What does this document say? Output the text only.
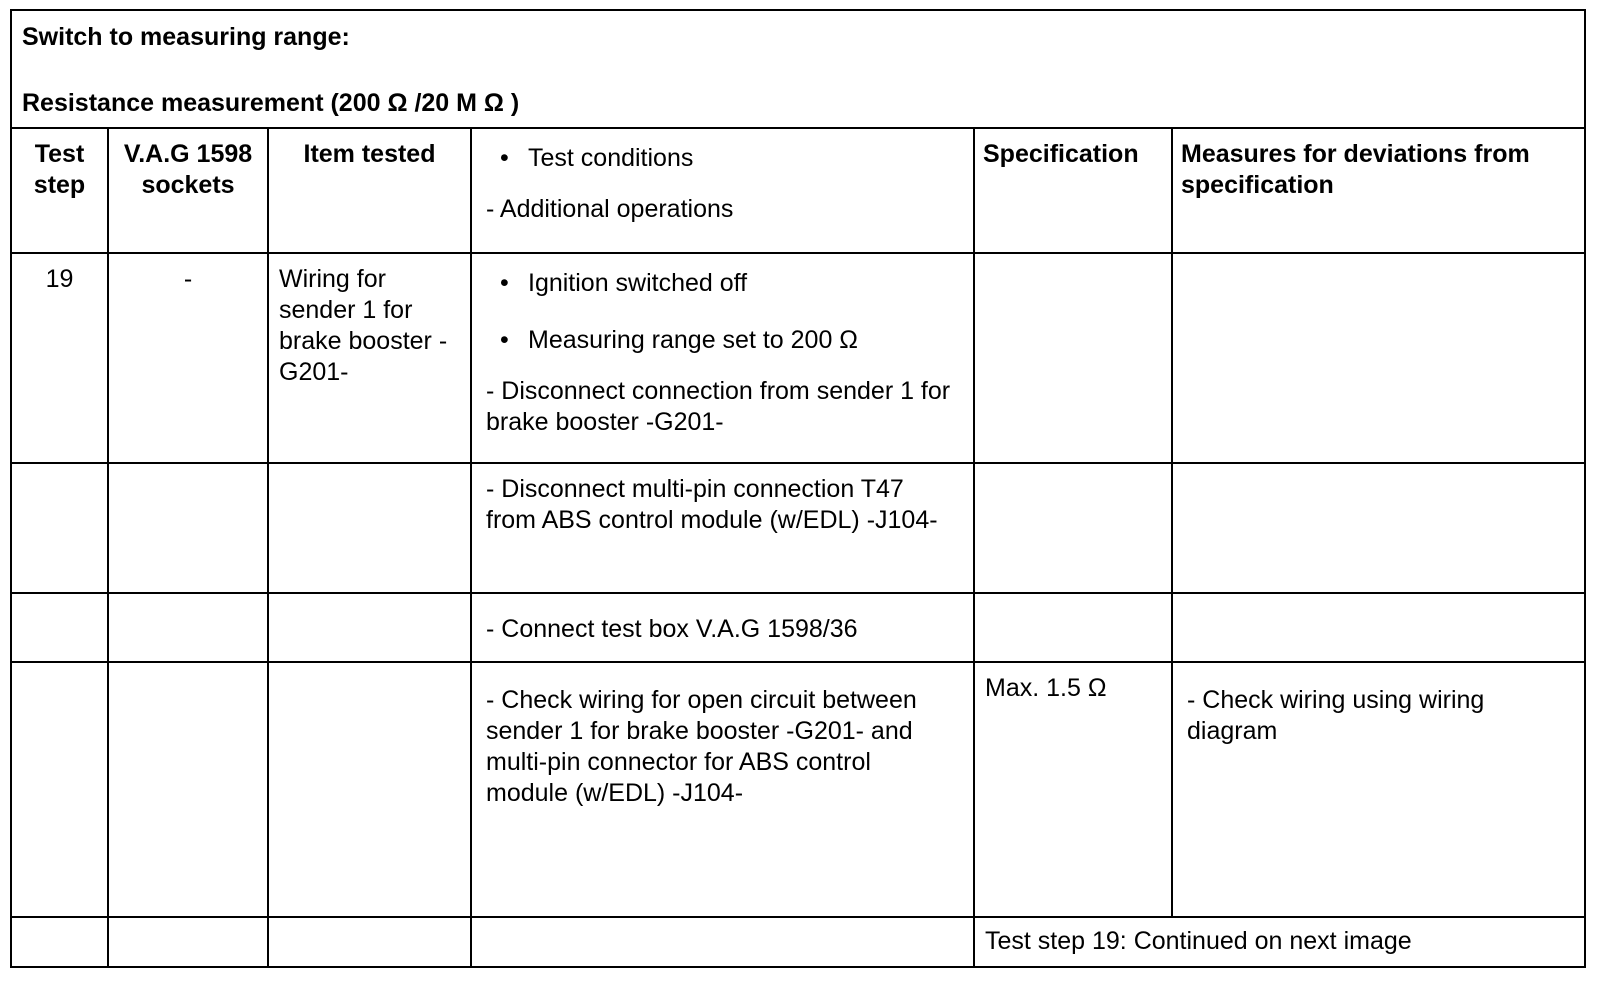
Switch to measuring range:
Resistance measurement (200 Ω /20 M Ω )
Test step	V.A.G 1598 sockets	Item tested	• Test conditions
- Additional operations	Specification	Measures for deviations from specification
19	-	Wiring for sender 1 for brake booster -G201-	• Ignition switched off
• Measuring range set to 200 Ω
- Disconnect connection from sender 1 for brake booster -G201-		

			- Disconnect multi-pin connection T47 from ABS control module (w/EDL) -J104-		

			- Connect test box V.A.G 1598/36		

			- Check wiring for open circuit between sender 1 for brake booster -G201- and multi-pin connector for ABS control module (w/EDL) -J104-	Max. 1.5 Ω	- Check wiring using wiring diagram

				Test step 19: Continued on next image	
